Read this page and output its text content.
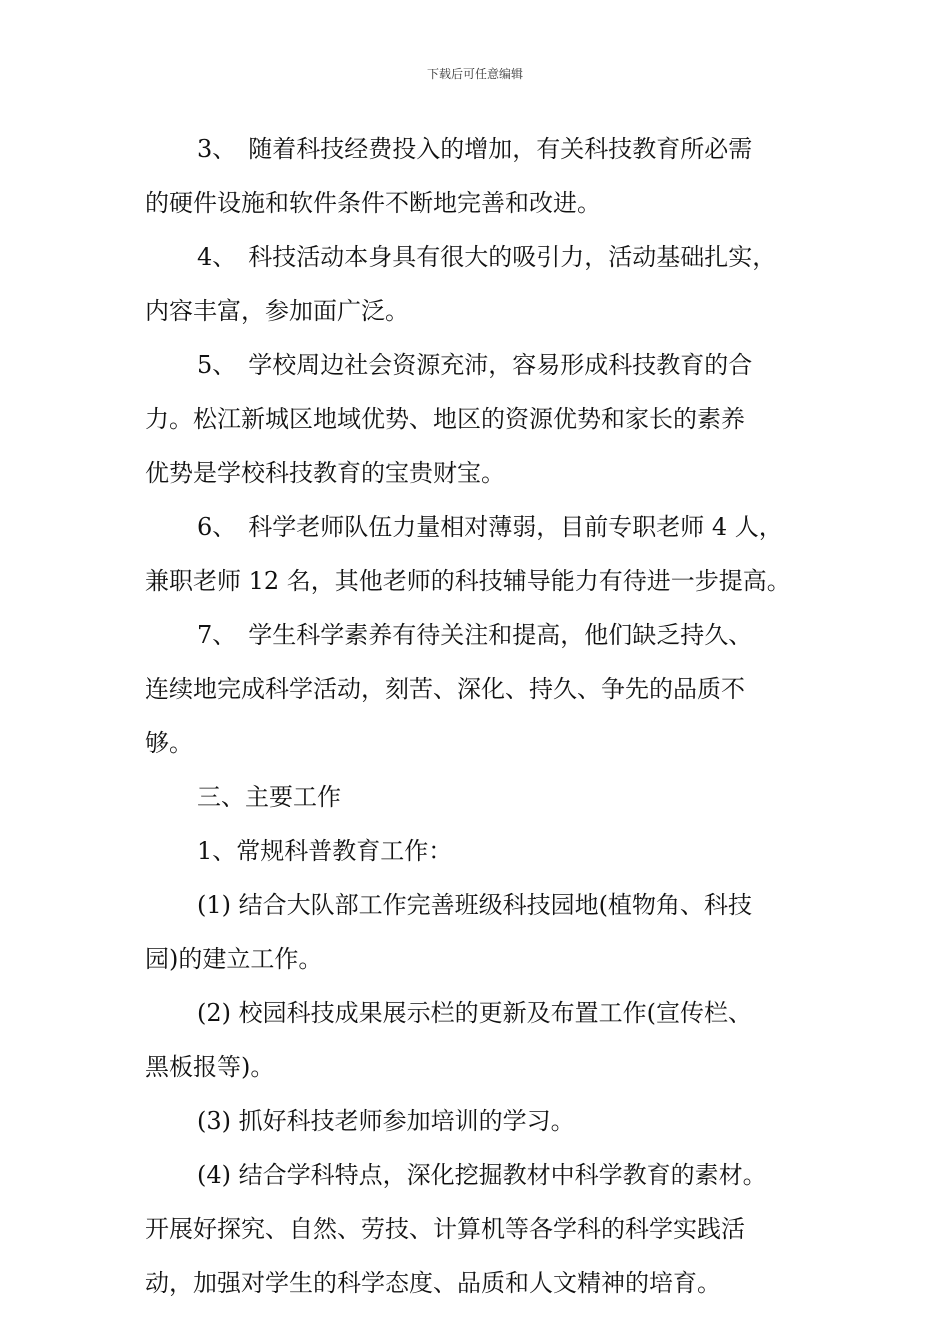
下载后可任意编辑
3、　随着科技经费投入的增加，有关科技教育所必需
的硬件设施和软件条件不断地完善和改进。
4、　科技活动本身具有很大的吸引力，活动基础扎实，
内容丰富，参加面广泛。
5、　学校周边社会资源充沛，容易形成科技教育的合
力。松江新城区地域优势、地区的资源优势和家长的素养
优势是学校科技教育的宝贵财宝。
6、　科学老师队伍力量相对薄弱，目前专职老师 4 人，
兼职老师 12 名，其他老师的科技辅导能力有待进一步提高。
7、　学生科学素养有待关注和提高，他们缺乏持久、
连续地完成科学活动，刻苦、深化、持久、争先的品质不
够。
三、主要工作
1、常规科普教育工作：
(1) 结合大队部工作完善班级科技园地(植物角、科技
园)的建立工作。
(2) 校园科技成果展示栏的更新及布置工作(宣传栏、
黑板报等)。
(3) 抓好科技老师参加培训的学习。
(4) 结合学科特点，深化挖掘教材中科学教育的素材。
开展好探究、自然、劳技、计算机等各学科的科学实践活
动，加强对学生的科学态度、品质和人文精神的培育。
